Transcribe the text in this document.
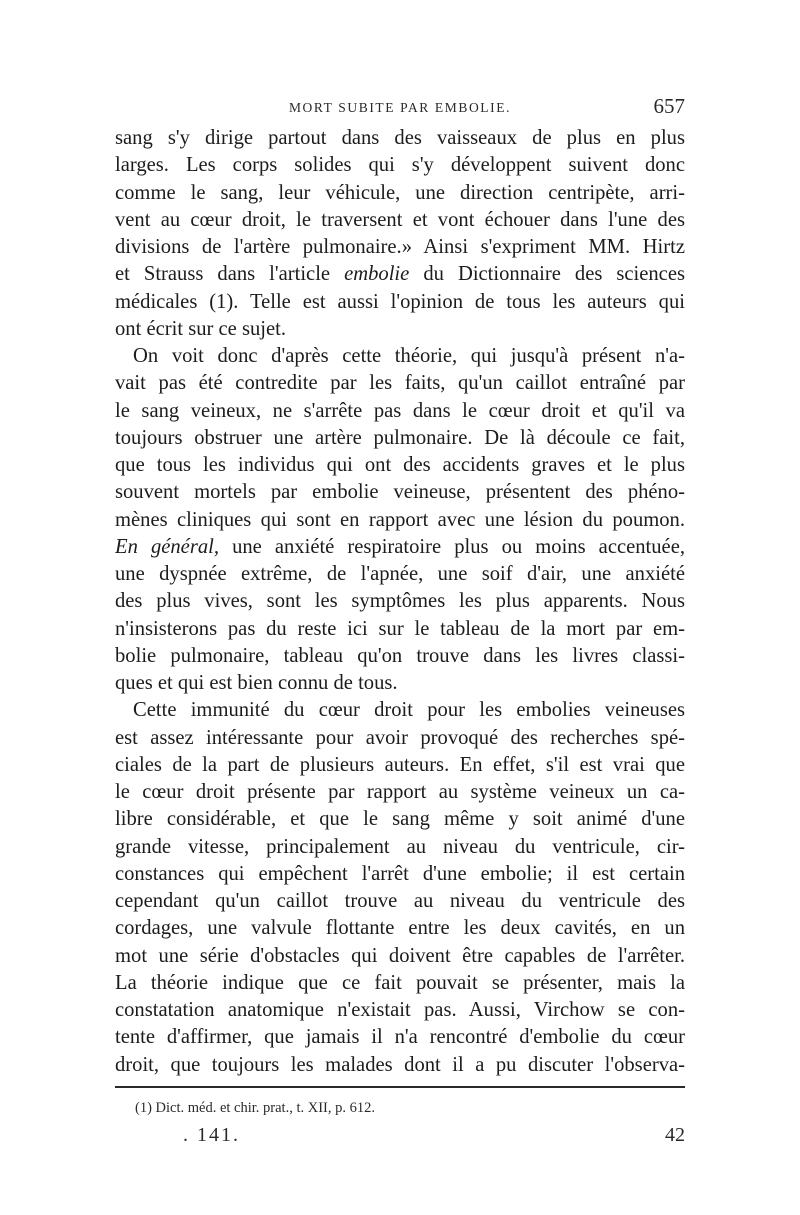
MORT SUBITE PAR EMBOLIE.	657
sang s'y dirige partout dans des vaisseaux de plus en plus
larges. Les corps solides qui s'y développent suivent donc
comme le sang, leur véhicule, une direction centripète, arri-
vent au cœur droit, le traversent et vont échouer dans l'une des
divisions de l'artère pulmonaire.» Ainsi s'expriment MM. Hirtz
et Strauss dans l'article embolie du Dictionnaire des sciences
médicales (1). Telle est aussi l'opinion de tous les auteurs qui
ont écrit sur ce sujet.
On voit donc d'après cette théorie, qui jusqu'à présent n'a-
vait pas été contredite par les faits, qu'un caillot entraîné par
le sang veineux, ne s'arrête pas dans le cœur droit et qu'il va
toujours obstruer une artère pulmonaire. De là découle ce fait,
que tous les individus qui ont des accidents graves et le plus
souvent mortels par embolie veineuse, présentent des phéno-
mènes cliniques qui sont en rapport avec une lésion du poumon.
En général, une anxiété respiratoire plus ou moins accentuée,
une dyspnée extrême, de l'apnée, une soif d'air, une anxiété
des plus vives, sont les symptômes les plus apparents. Nous
n'insisterons pas du reste ici sur le tableau de la mort par em-
bolie pulmonaire, tableau qu'on trouve dans les livres classi-
ques et qui est bien connu de tous.
Cette immunité du cœur droit pour les embolies veineuses
est assez intéressante pour avoir provoqué des recherches spé-
ciales de la part de plusieurs auteurs. En effet, s'il est vrai que
le cœur droit présente par rapport au système veineux un ca-
libre considérable, et que le sang même y soit animé d'une
grande vitesse, principalement au niveau du ventricule, cir-
constances qui empêchent l'arrêt d'une embolie; il est certain
cependant qu'un caillot trouve au niveau du ventricule des
cordages, une valvule flottante entre les deux cavités, en un
mot une série d'obstacles qui doivent être capables de l'arrêter.
La théorie indique que ce fait pouvait se présenter, mais la
constatation anatomique n'existait pas. Aussi, Virchow se con-
tente d'affirmer, que jamais il n'a rencontré d'embolie du cœur
droit, que toujours les malades dont il a pu discuter l'observa-
(1) Dict. méd. et chir. prat., t. XII, p. 612.
. 141.	42
